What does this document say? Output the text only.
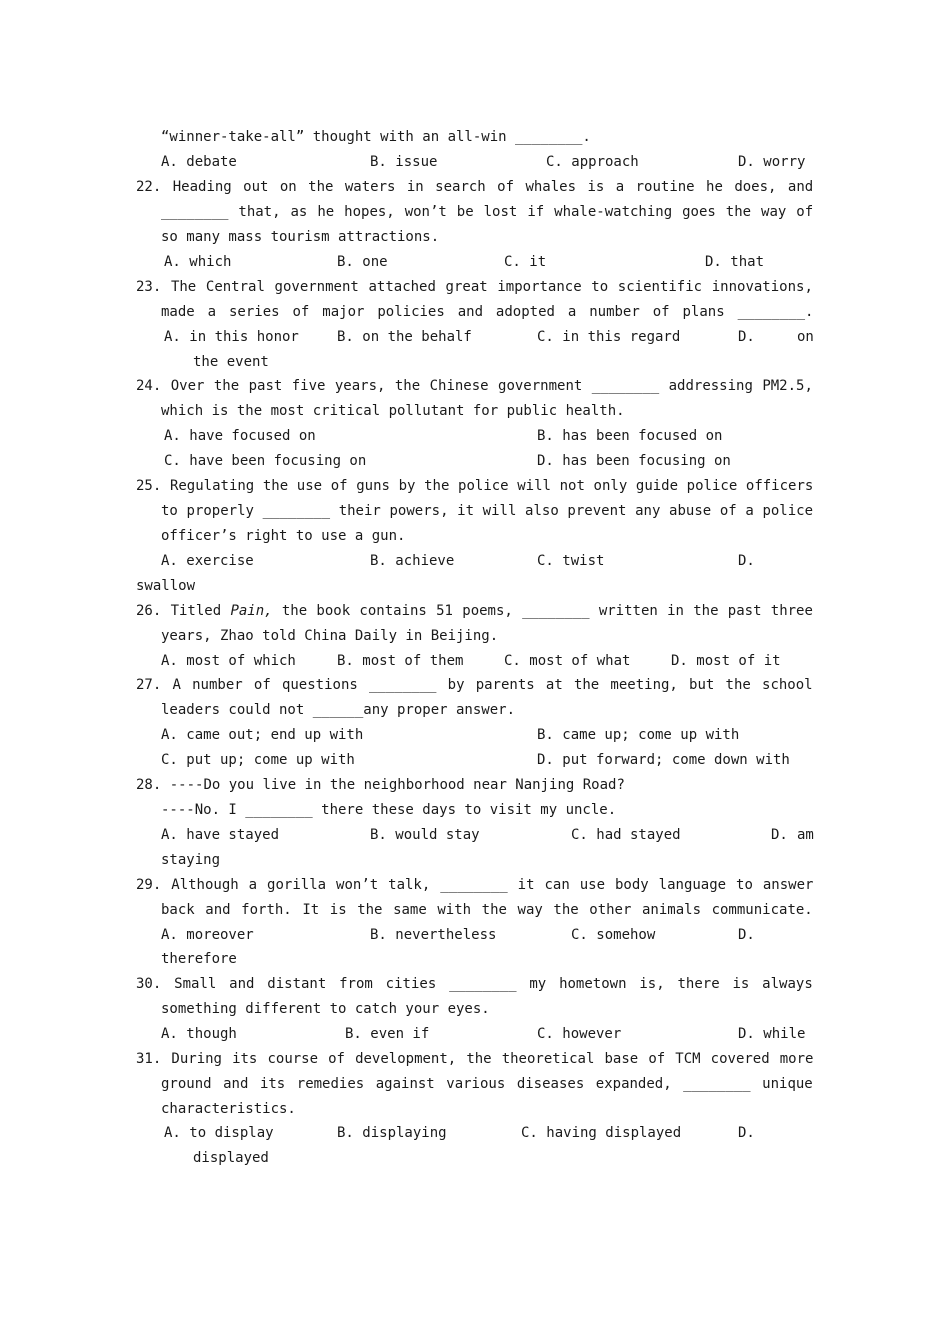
“winner-take-all” thought with an all-win ________.
A. debate	B. issue	C. approach	D. worry
22. Heading out on the waters in search of whales is a routine he does, and
________ that, as he hopes, won’t be lost if whale-watching goes the way of
so many mass tourism attractions.
A. which	B. one	C. it	D. that
23. The Central government attached great importance to scientific innovations,
made a series of major policies and adopted a number of plans ________.
A. in this honor	B. on the behalf	C. in this regard	D.	on
the event
24. Over the past five years, the Chinese government ________ addressing PM2.5,
which is the most critical pollutant for public health.
A. have focused on	B. has been focused on
C. have been focusing on	D. has been focusing on
25. Regulating the use of guns by the police will not only guide police officers
to properly ________ their powers, it will also prevent any abuse of a police
officer’s right to use a gun.
A. exercise	B. achieve	C. twist	D.
swallow
26. Titled Pain, the book contains 51 poems, ________ written in the past three
years, Zhao told China Daily in Beijing.
A. most of which	B. most of them	C. most of what	D. most of it
27. A number of questions ________ by parents at the meeting, but the school
leaders could not ______any proper answer.
A. came out; end up with	B. came up; come up with
C. put up; come up with	D. put forward; come down with
28. ----Do you live in the neighborhood near Nanjing Road?
----No. I ________ there these days to visit my uncle.
A. have stayed	B. would stay	C. had stayed	D. am
staying
29. Although a gorilla won’t talk, ________ it can use body language to answer
back and forth. It is the same with the way the other animals communicate.
A. moreover	B. nevertheless	C. somehow	D.
therefore
30. Small and distant from cities ________ my hometown is, there is always
something different to catch your eyes.
A. though	B. even if	C. however	D. while
31. During its course of development, the theoretical base of TCM covered more
ground and its remedies against various diseases expanded, ________ unique
characteristics.
A. to display	B. displaying	C. having displayed	D.
displayed
